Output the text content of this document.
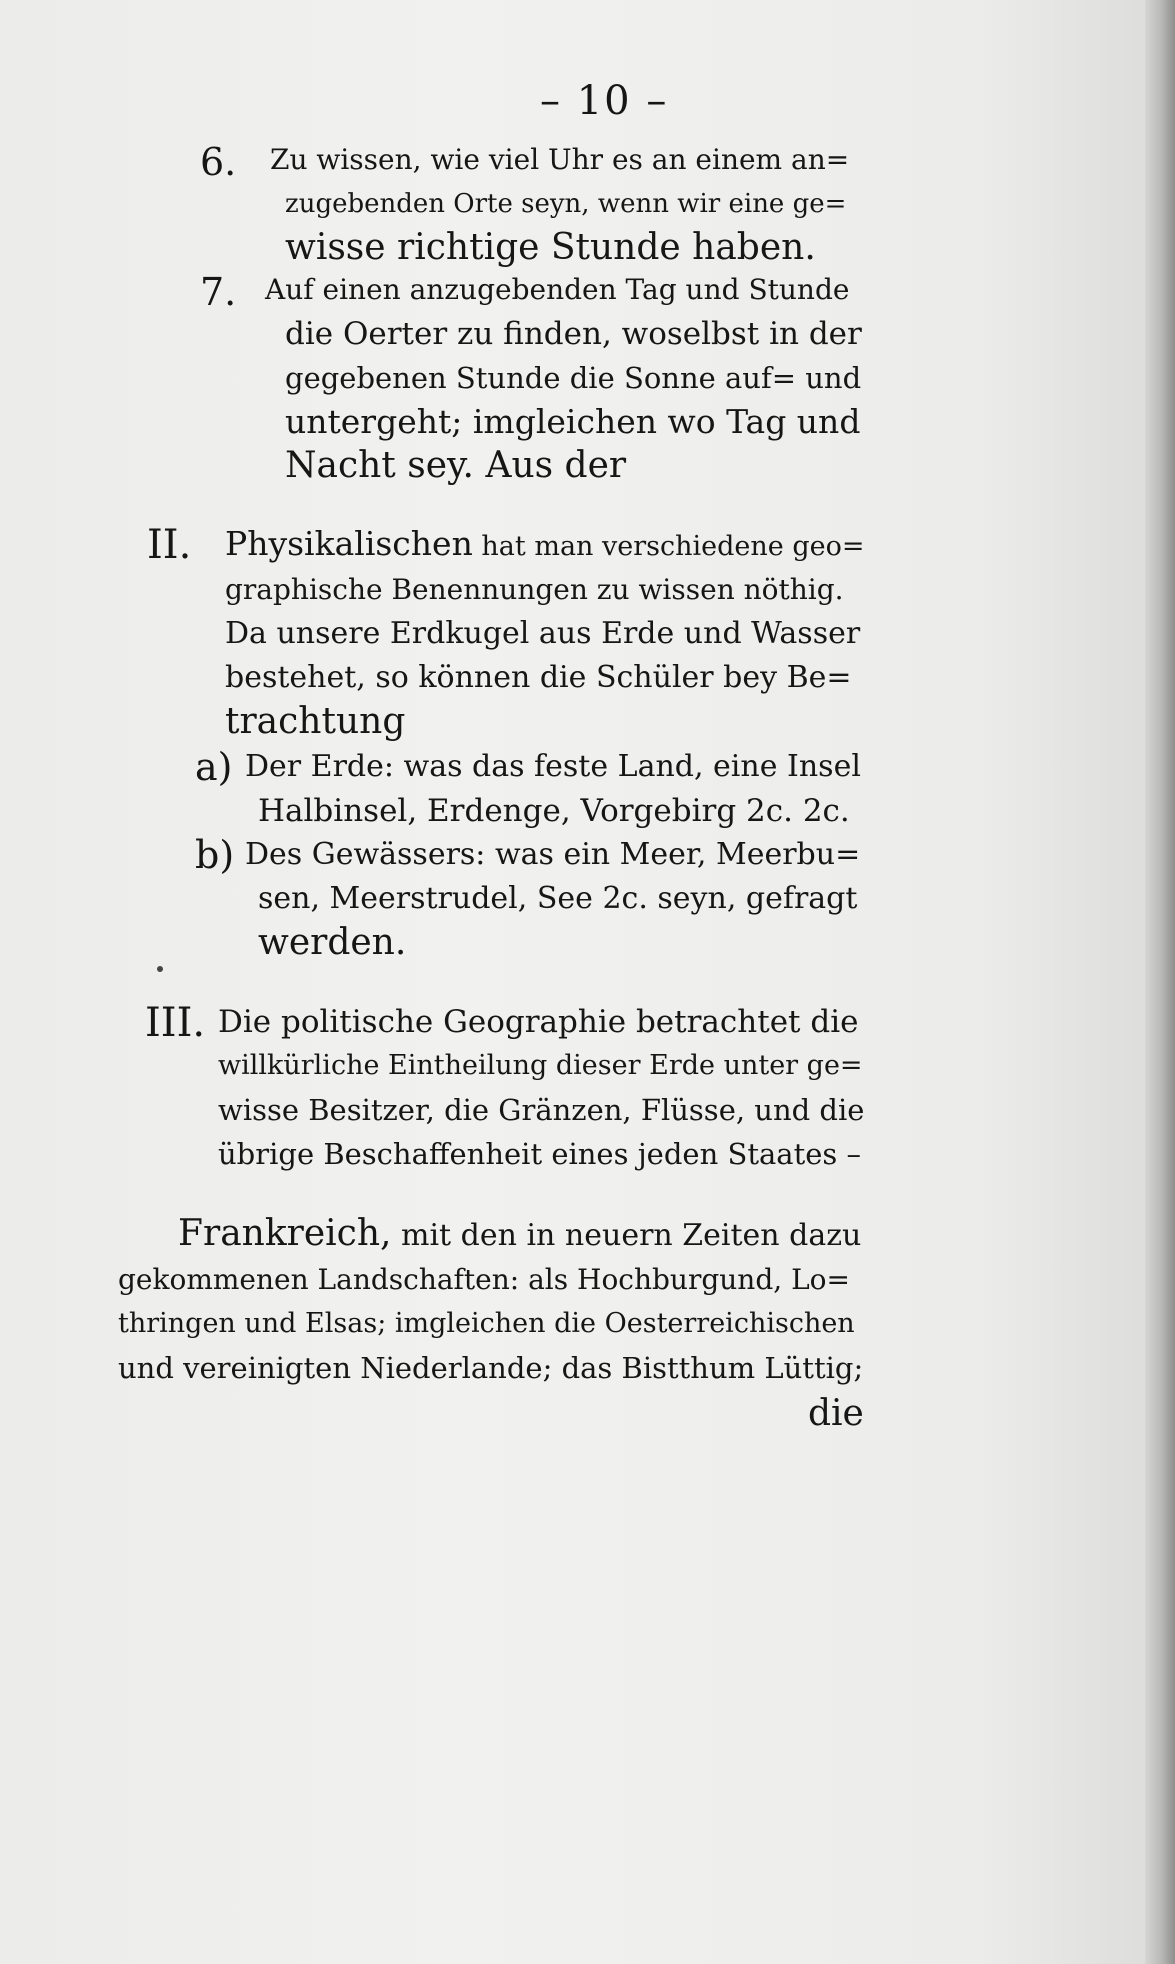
– 10 –
6. Zu wissen, wie viel Uhr es an einem an=
zugebenden Orte seyn, wenn wir eine ge=
wisse richtige Stunde haben.
7. Auf einen anzugebenden Tag und Stunde
die Oerter zu finden, woselbst in der
gegebenen Stunde die Sonne auf= und
untergeht; imgleichen wo Tag und
Nacht sey. Aus der
II. Physikalischen hat man verschiedene geo=
graphische Benennungen zu wissen nöthig.
Da unsere Erdkugel aus Erde und Wasser
bestehet, so können die Schüler bey Be=
trachtung
a) Der Erde: was das feste Land, eine Insel
Halbinsel, Erdenge, Vorgebirg 2c. 2c.
b) Des Gewässers: was ein Meer, Meerbu=
sen, Meerstrudel, See 2c. seyn, gefragt
werden.
III. Die politische Geographie betrachtet die
willkürliche Eintheilung dieser Erde unter ge=
wisse Besitzer, die Gränzen, Flüsse, und die
übrige Beschaffenheit eines jeden Staates –
Frankreich, mit den in neuern Zeiten dazu
gekommenen Landschaften: als Hochburgund, Lo=
thringen und Elsas; imgleichen die Oesterreichischen
und vereinigten Niederlande; das Bistthum Lüttig;
die
